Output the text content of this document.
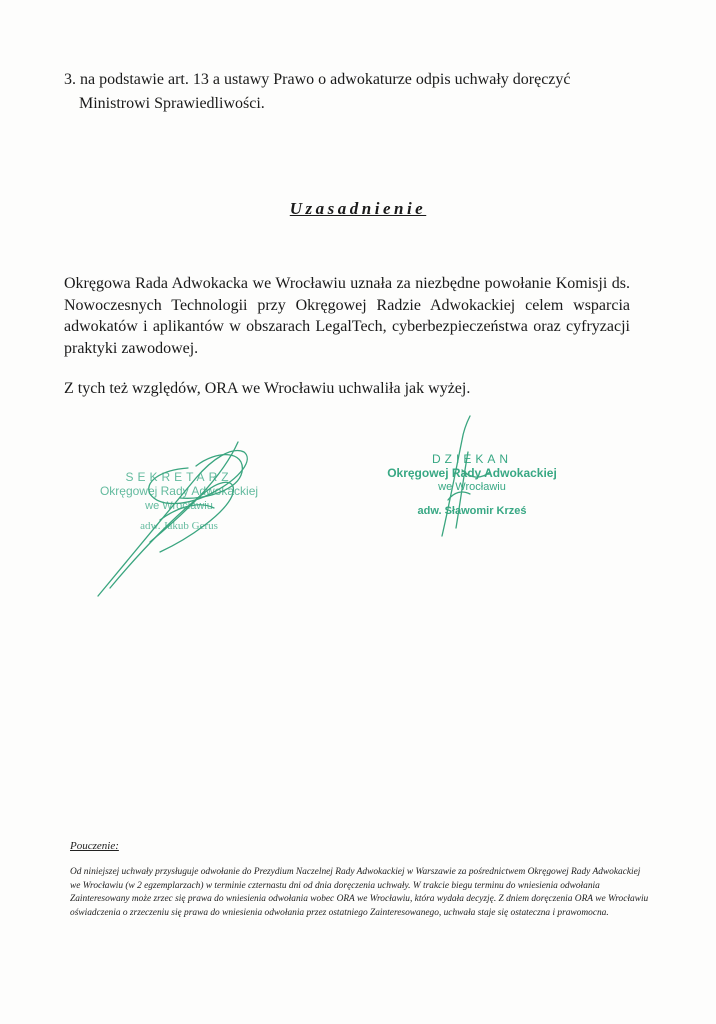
3. na podstawie art. 13 a ustawy Prawo o adwokaturze odpis uchwały doręczyć
Ministrowi Sprawiedliwości.
Uzasadnienie

Okręgowa Rada Adwokacka we Wrocławiu uznała za niezbędne powołanie Komisji ds. Nowoczesnych Technologii przy Okręgowej Radzie Adwokackiej celem wsparcia adwokatów i aplikantów w obszarach LegalTech, cyberbezpieczeństwa oraz cyfryzacji praktyki zawodowej.

Z tych też względów, ORA we Wrocławiu uchwaliła jak wyżej.

SEKRETARZ
Okręgowej Rady Adwokackiej
we Wrocławiu
adw. Jakub Gerus
DZIEKAN
Okręgowej Rady Adwokackiej
we Wrocławiu
adw. Sławomir Krześ
Pouczenie:

Od niniejszej uchwały przysługuje odwołanie do Prezydium Naczelnej Rady Adwokackiej w Warszawie za pośrednictwem Okręgowej Rady Adwokackiej we Wrocławiu (w 2 egzemplarzach) w terminie czternastu dni od dnia doręczenia uchwały. W trakcie biegu terminu do wniesienia odwołania Zainteresowany może zrzec się prawa do wniesienia odwołania wobec ORA we Wrocławiu, która wydała decyzję. Z dniem doręczenia ORA we Wrocławiu oświadczenia o zrzeczeniu się prawa do wniesienia odwołania przez ostatniego Zainteresowanego, uchwała staje się ostateczna i prawomocna.
